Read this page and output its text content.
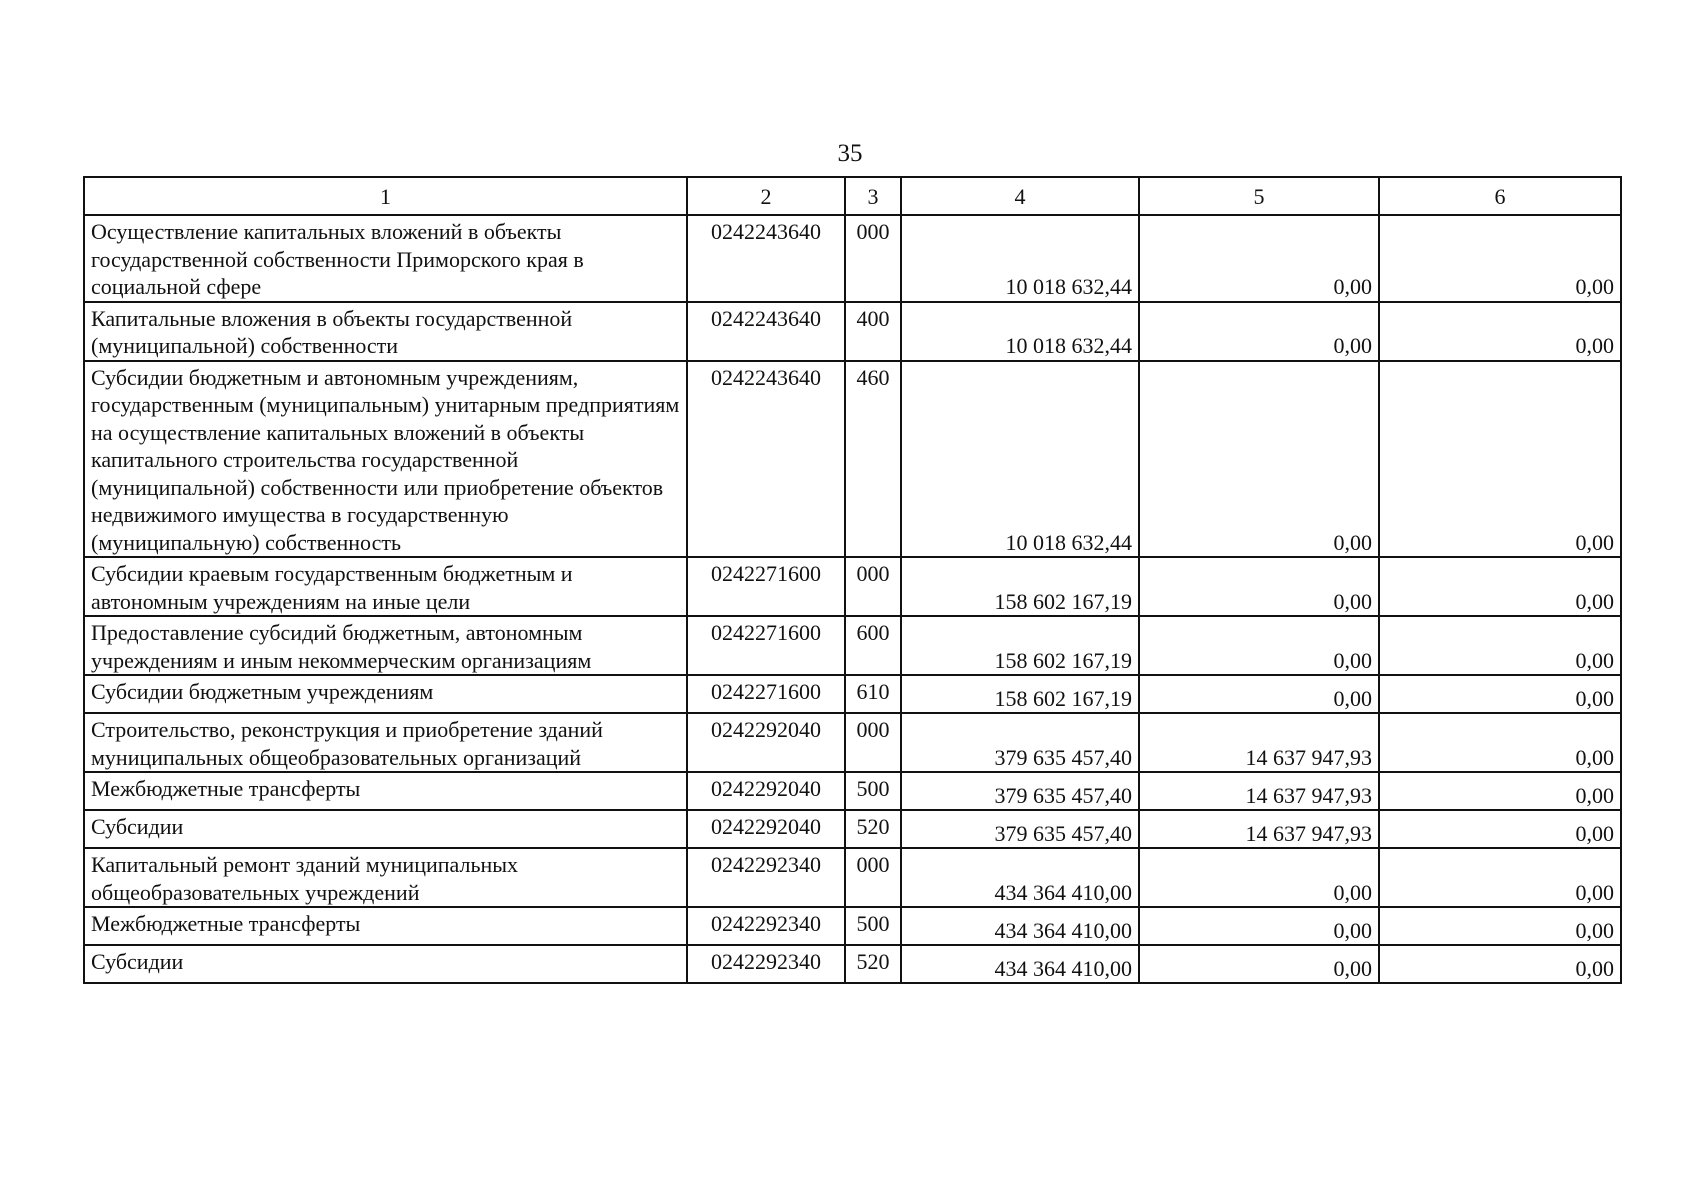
35
1	2	3	4	5	6
Осуществление капитальных вложений в объекты государственной собственности Приморского края в социальной сфере	0242243640	000	10 018 632,44	0,00	0,00
Капитальные вложения в объекты государственной (муниципальной) собственности	0242243640	400	10 018 632,44	0,00	0,00
Субсидии бюджетным и автономным учреждениям, государственным (муниципальным) унитарным предприятиям на осуществление капитальных вложений в объекты капитального строительства государственной (муниципальной) собственности или приобретение объектов недвижимого имущества в государственную (муниципальную) собственность	0242243640	460	10 018 632,44	0,00	0,00
Субсидии краевым государственным бюджетным и автономным учреждениям на иные цели	0242271600	000	158 602 167,19	0,00	0,00
Предоставление субсидий бюджетным, автономным учреждениям и иным некоммерческим организациям	0242271600	600	158 602 167,19	0,00	0,00
Субсидии бюджетным учреждениям	0242271600	610	158 602 167,19	0,00	0,00
Строительство, реконструкция и приобретение зданий муниципальных общеобразовательных организаций	0242292040	000	379 635 457,40	14 637 947,93	0,00
Межбюджетные трансферты	0242292040	500	379 635 457,40	14 637 947,93	0,00
Субсидии	0242292040	520	379 635 457,40	14 637 947,93	0,00
Капитальный ремонт зданий муниципальных общеобразовательных учреждений	0242292340	000	434 364 410,00	0,00	0,00
Межбюджетные трансферты	0242292340	500	434 364 410,00	0,00	0,00
Субсидии	0242292340	520	434 364 410,00	0,00	0,00
